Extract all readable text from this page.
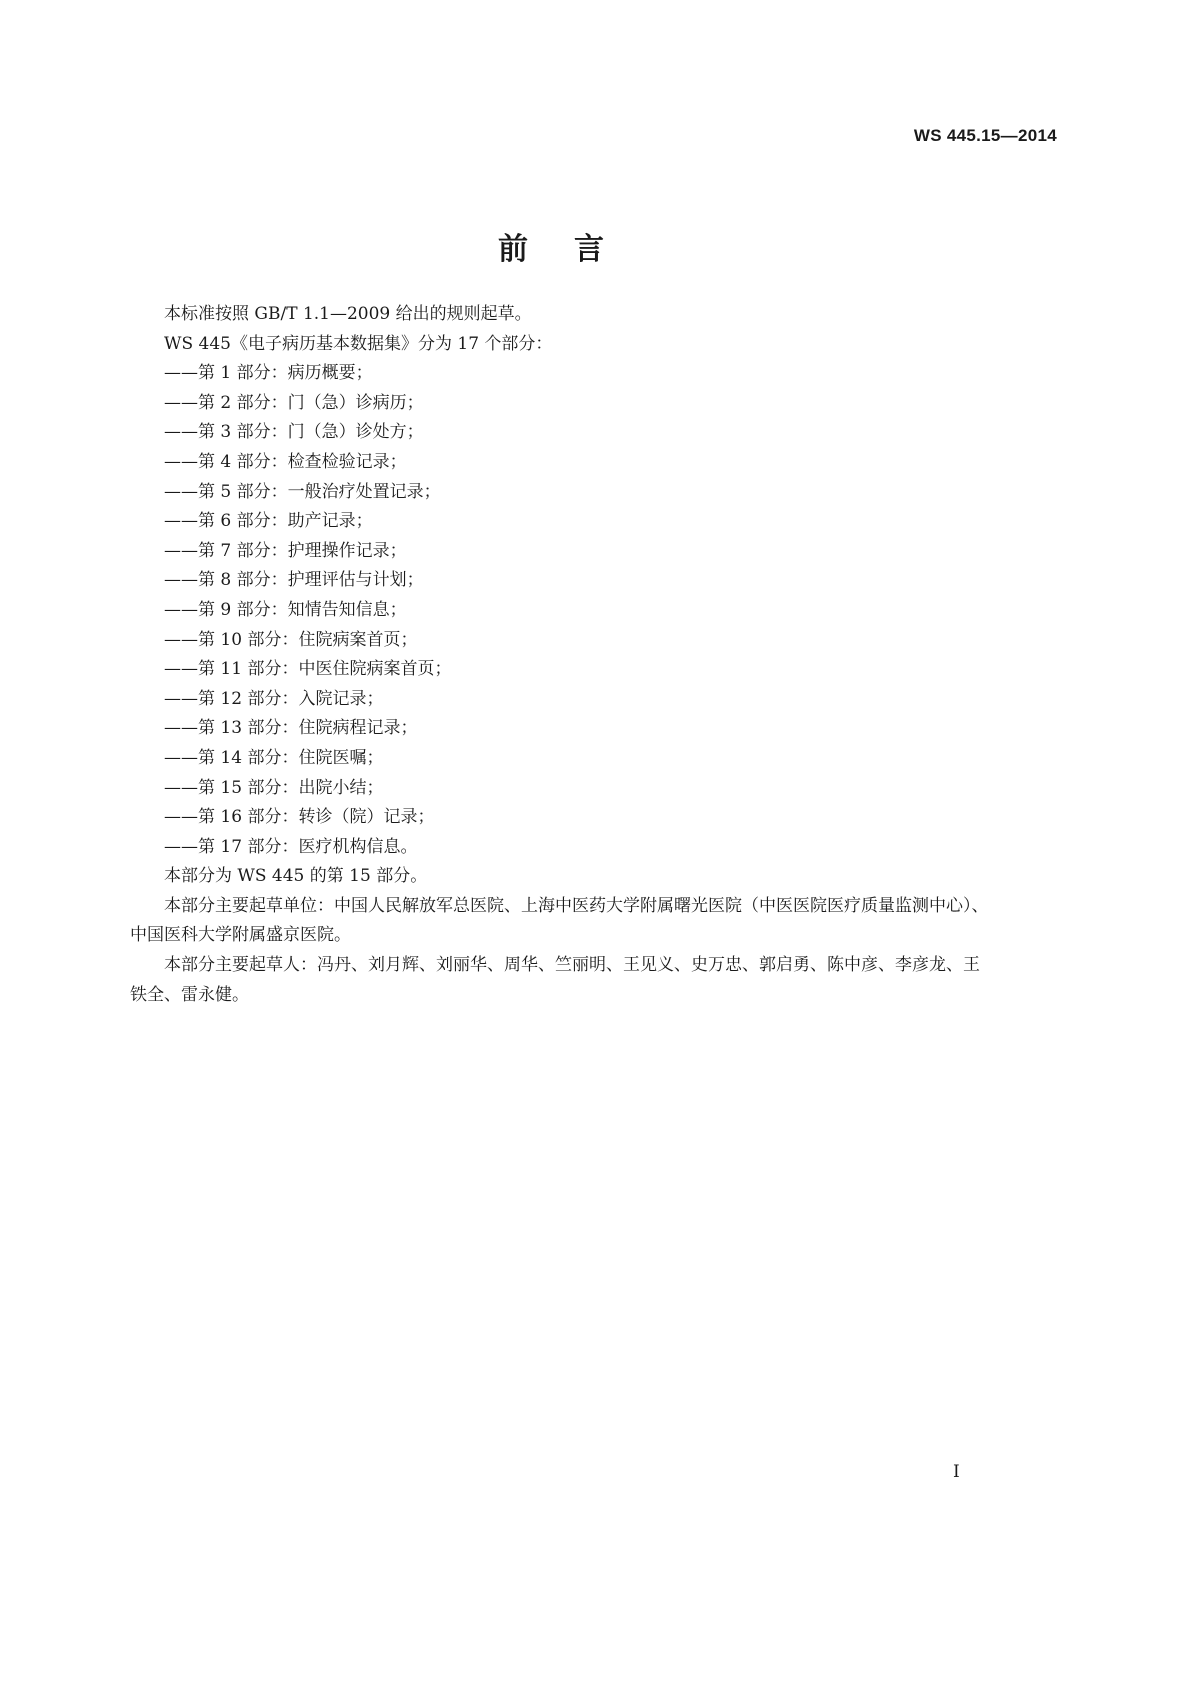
WS 445.15—2014
前言

本标准按照 GB/T 1.1—2009 给出的规则起草。

WS 445《电子病历基本数据集》分为 17 个部分：

——第 1 部分：病历概要；
——第 2 部分：门（急）诊病历；
——第 3 部分：门（急）诊处方；
——第 4 部分：检查检验记录；
——第 5 部分：一般治疗处置记录；
——第 6 部分：助产记录；
——第 7 部分：护理操作记录；
——第 8 部分：护理评估与计划；
——第 9 部分：知情告知信息；
——第 10 部分：住院病案首页；
——第 11 部分：中医住院病案首页；
——第 12 部分：入院记录；
——第 13 部分：住院病程记录；
——第 14 部分：住院医嘱；
——第 15 部分：出院小结；
——第 16 部分：转诊（院）记录；
——第 17 部分：医疗机构信息。

本部分为 WS 445 的第 15 部分。

本部分主要起草单位：中国人民解放军总医院、上海中医药大学附属曙光医院（中医医院医疗质量监测中心）、中国医科大学附属盛京医院。

本部分主要起草人：冯丹、刘月辉、刘丽华、周华、竺丽明、王见义、史万忠、郭启勇、陈中彦、李彦龙、王铁全、雷永健。

I
